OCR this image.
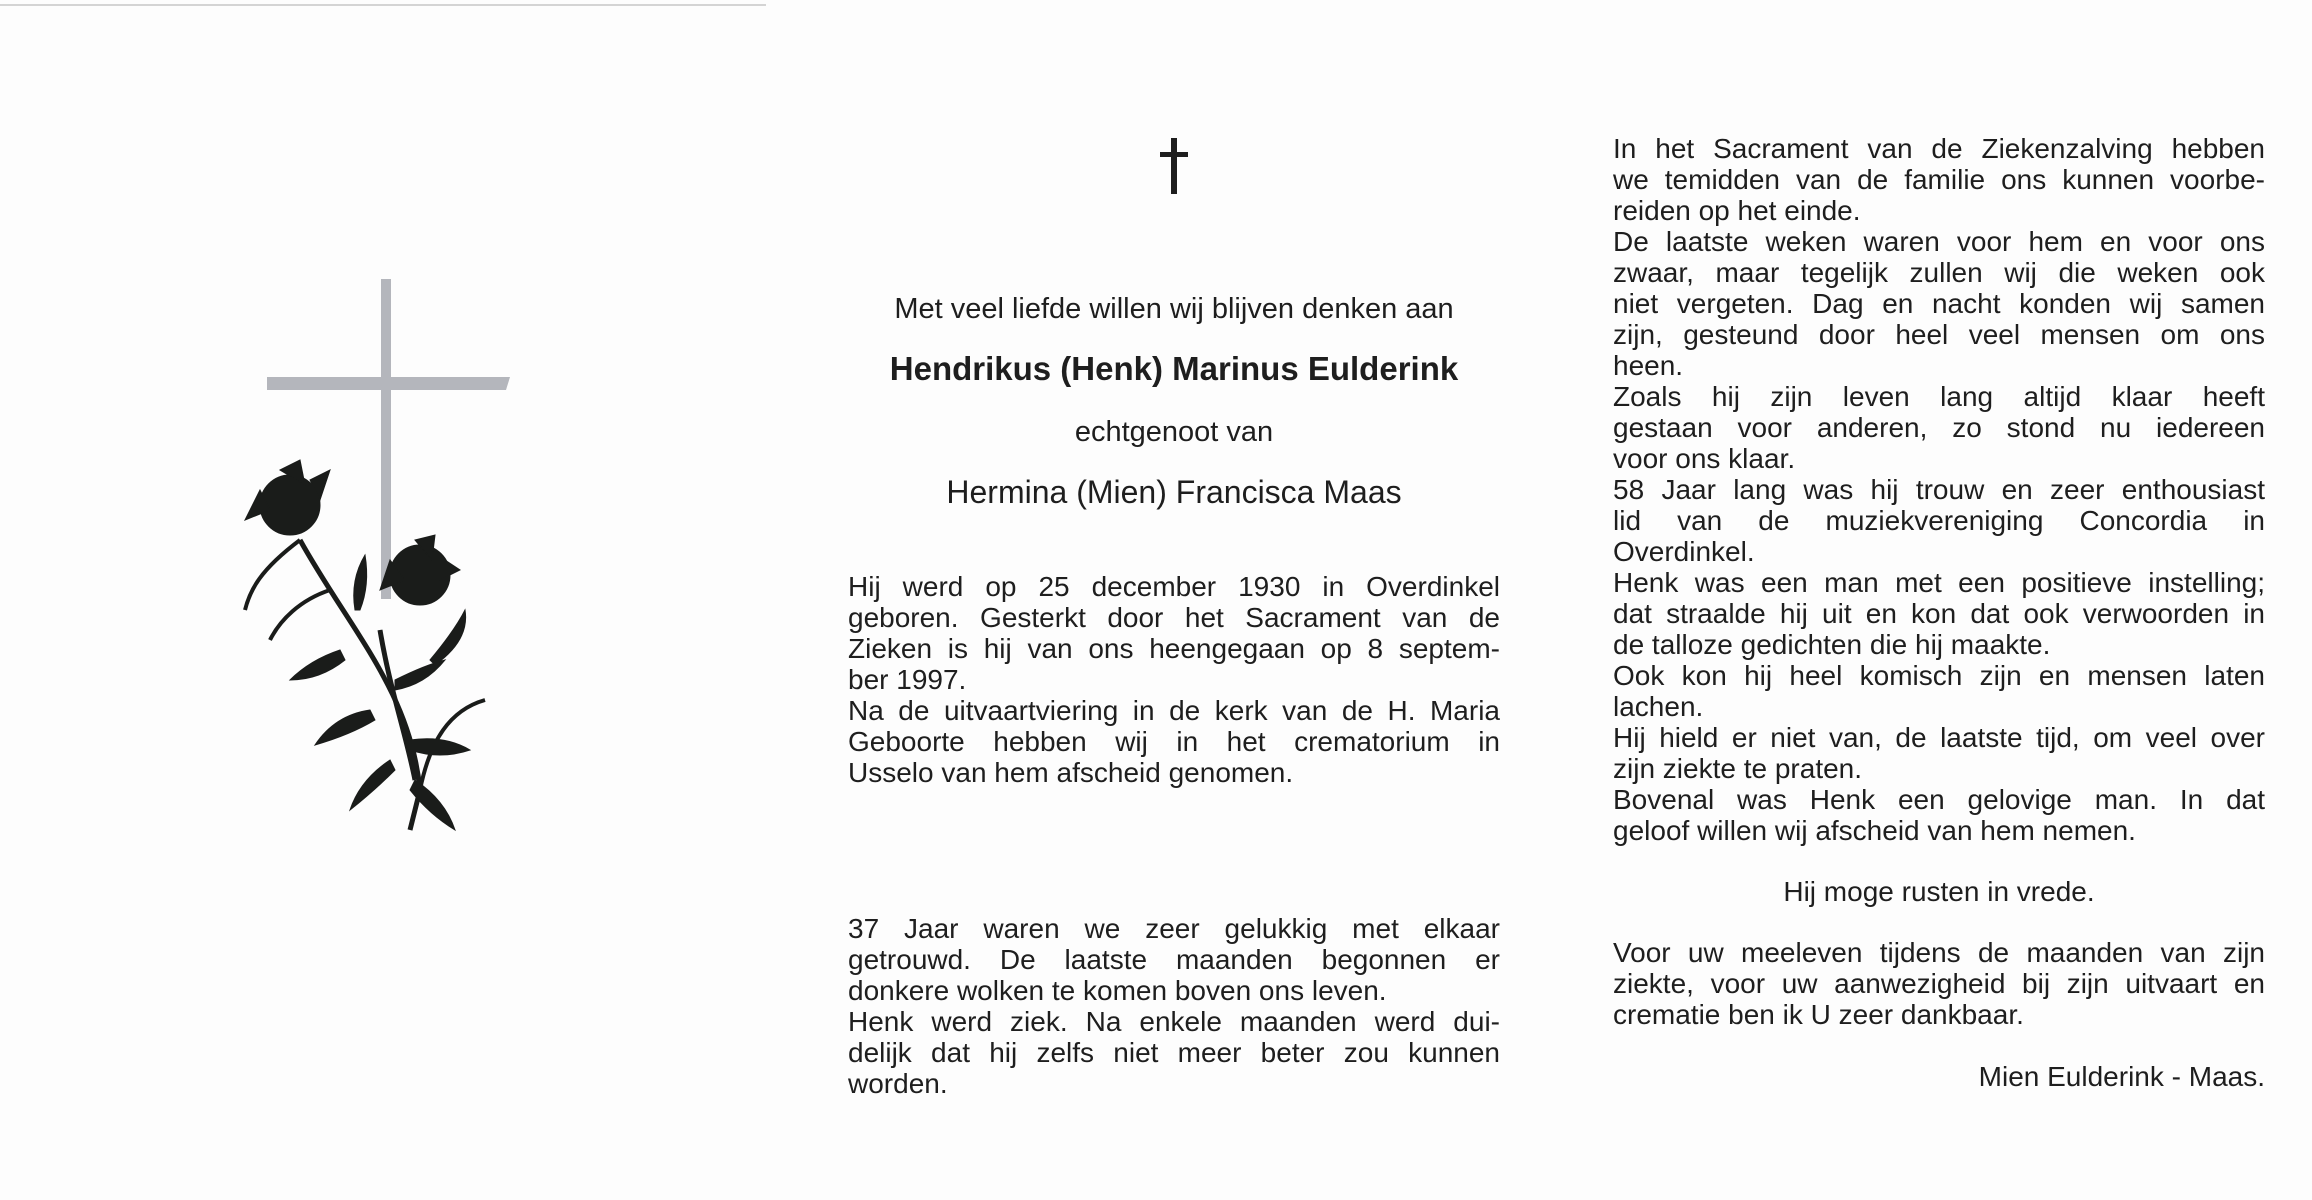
Met veel liefde willen wij blijven denken aan
Hendrikus (Henk) Marinus Eulderink
echtgenoot van
Hermina (Mien) Francisca Maas
Hij werd op 25 december 1930 in Overdinkel
geboren. Gesterkt door het Sacrament van de
Zieken is hij van ons heengegaan op 8 septem-
ber 1997.
Na de uitvaartviering in de kerk van de H. Maria
Geboorte hebben wij in het crematorium in
Usselo van hem afscheid genomen.
37 Jaar waren we zeer gelukkig met elkaar
getrouwd. De laatste maanden begonnen er
donkere wolken te komen boven ons leven.
Henk werd ziek. Na enkele maanden werd dui-
delijk dat hij zelfs niet meer beter zou kunnen
worden.
In het Sacrament van de Ziekenzalving hebben
we temidden van de familie ons kunnen voorbe-
reiden op het einde.
De laatste weken waren voor hem en voor ons
zwaar, maar tegelijk zullen wij die weken ook
niet vergeten. Dag en nacht konden wij samen
zijn, gesteund door heel veel mensen om ons
heen.
Zoals hij zijn leven lang altijd klaar heeft
gestaan voor anderen, zo stond nu iedereen
voor ons klaar.
58 Jaar lang was hij trouw en zeer enthousiast
lid van de muziekvereniging Concordia in
Overdinkel.
Henk was een man met een positieve instelling;
dat straalde hij uit en kon dat ook verwoorden in
de talloze gedichten die hij maakte.
Ook kon hij heel komisch zijn en mensen laten
lachen.
Hij hield er niet van, de laatste tijd, om veel over
zijn ziekte te praten.
Bovenal was Henk een gelovige man. In dat
geloof willen wij afscheid van hem nemen.
Hij moge rusten in vrede.
Voor uw meeleven tijdens de maanden van zijn
ziekte, voor uw aanwezigheid bij zijn uitvaart en
crematie ben ik U zeer dankbaar.
Mien Eulderink - Maas.
